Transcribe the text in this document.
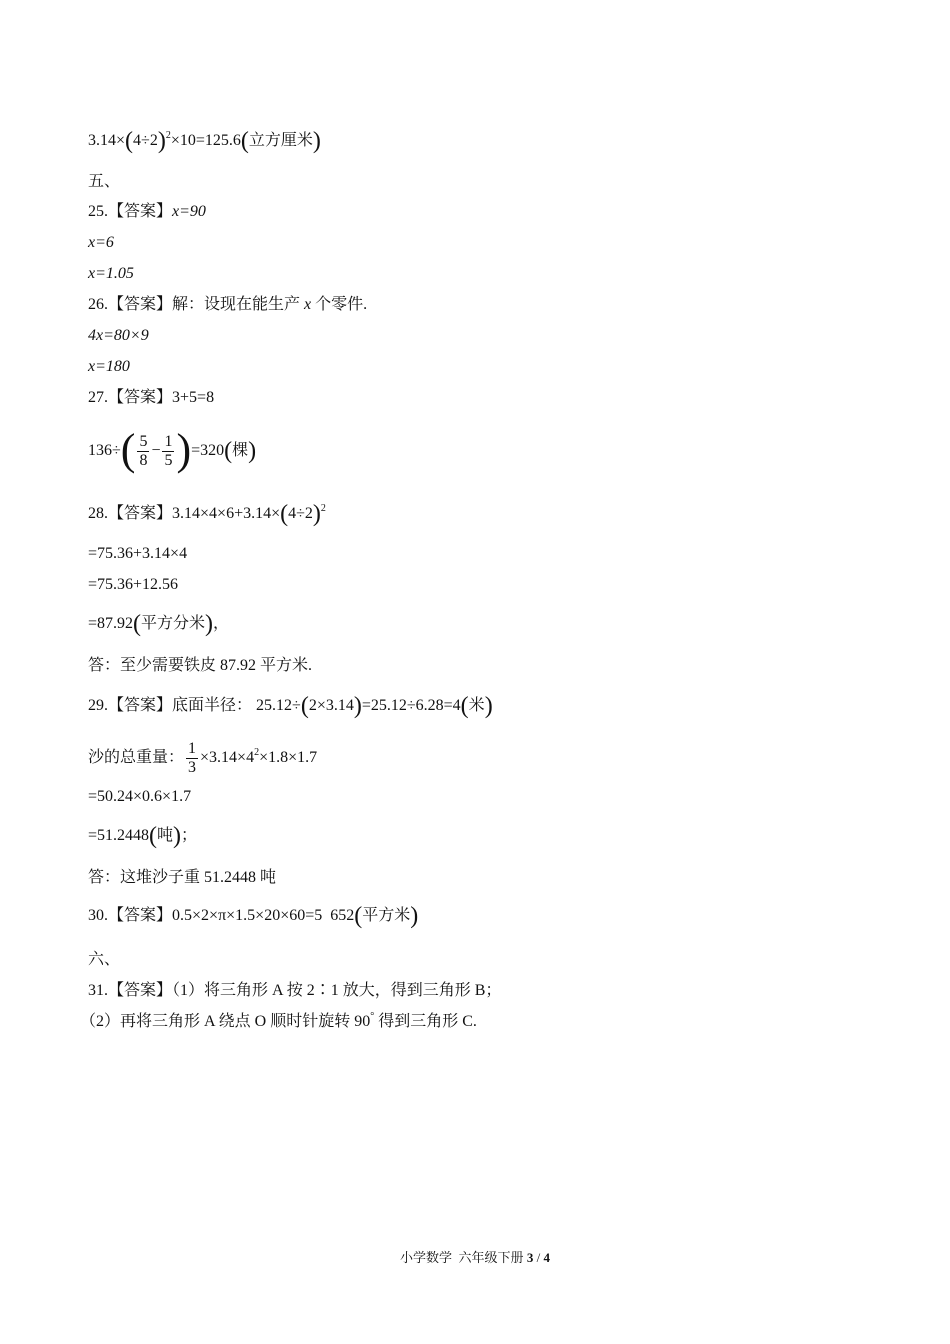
$3.14\times(4\div 2)^2\times 10=125.6$(立方厘米)
五、
25.【答案】x=90
x=6
x=1.05
26.【答案】解：设现在能生产 x 个零件.
4x=80×9
x=180
27.【答案】3+5=8
$136\div( \frac{5}{8} - \frac{1}{5} )=320$(棵)
28.【答案】$3.14\times 4\times 6+3.14\times(4\div 2)^2$
=75.36+3.14×4
=75.36+12.56
=87.92(平方分米)，
答：至少需要铁皮 87.92 平方米.
29.【答案】底面半径： 25.12÷(2×3.14)=25.12÷6.28=4(米)
沙的总重量： $\frac{1}{3} \times 3.14\times 4^2\times 1.8\times 1.7$
=50.24×0.6×1.7
=51.2448(吨)；
答：这堆沙子重 51.2448 吨
30.【答案】0.5×2×π×1.5×20×60=5  652(平方米)
六、
31.【答案】（1）将三角形 A 按 2∶1 放大，得到三角形 B；
（2）再将三角形 A 绕点 O 顺时针旋转 90° 得到三角形 C.
小学数学  六年级下册 3 / 4
